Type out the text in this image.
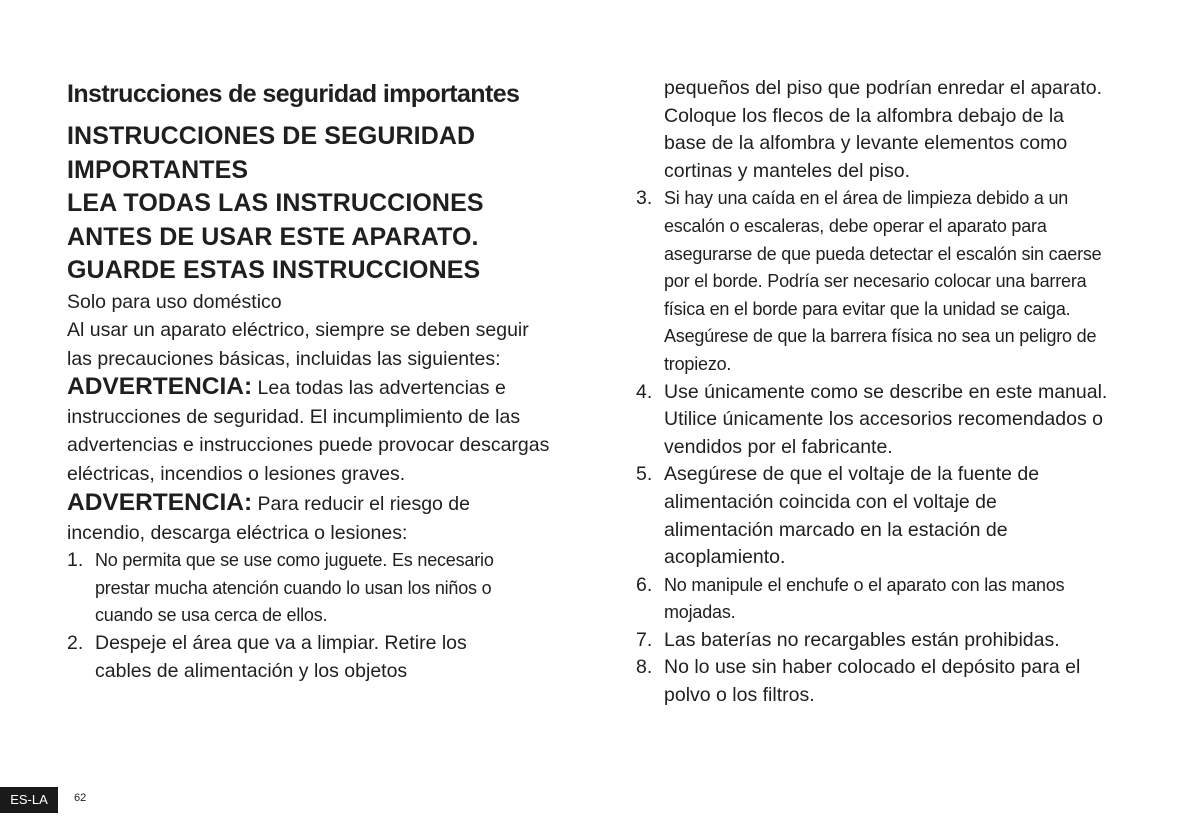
Instrucciones de seguridad importantes
INSTRUCCIONES DE SEGURIDAD
IMPORTANTES
LEA TODAS LAS INSTRUCCIONES
ANTES DE USAR ESTE APARATO.
GUARDE ESTAS INSTRUCCIONES

Solo para uso doméstico

Al usar un aparato eléctrico, siempre se deben seguir las precauciones básicas, incluidas las siguientes:

ADVERTENCIA: Lea todas las advertencias e instrucciones de seguridad. El incumplimiento de las advertencias e instrucciones puede provocar descargas eléctricas, incendios o lesiones graves.

ADVERTENCIA: Para reducir el riesgo de incendio, descarga eléctrica o lesiones:

1. No permita que se use como juguete. Es necesario prestar mucha atención cuando lo usan los niños o cuando se usa cerca de ellos.
2. Despeje el área que va a limpiar. Retire los cables de alimentación y los objetos
pequeños del piso que podrían enredar el aparato. Coloque los flecos de la alfombra debajo de la base de la alfombra y levante elementos como cortinas y manteles del piso.
3. Si hay una caída en el área de limpieza debido a un escalón o escaleras, debe operar el aparato para asegurarse de que pueda detectar el escalón sin caerse por el borde. Podría ser necesario colocar una barrera física en el borde para evitar que la unidad se caiga. Asegúrese de que la barrera física no sea un peligro de tropiezo.
4. Use únicamente como se describe en este manual. Utilice únicamente los accesorios recomendados o vendidos por el fabricante.
5. Asegúrese de que el voltaje de la fuente de alimentación coincida con el voltaje de alimentación marcado en la estación de acoplamiento.
6. No manipule el enchufe o el aparato con las manos mojadas.
7. Las baterías no recargables están prohibidas.
8. No lo use sin haber colocado el depósito para el polvo o los filtros.
ES-LA	62
